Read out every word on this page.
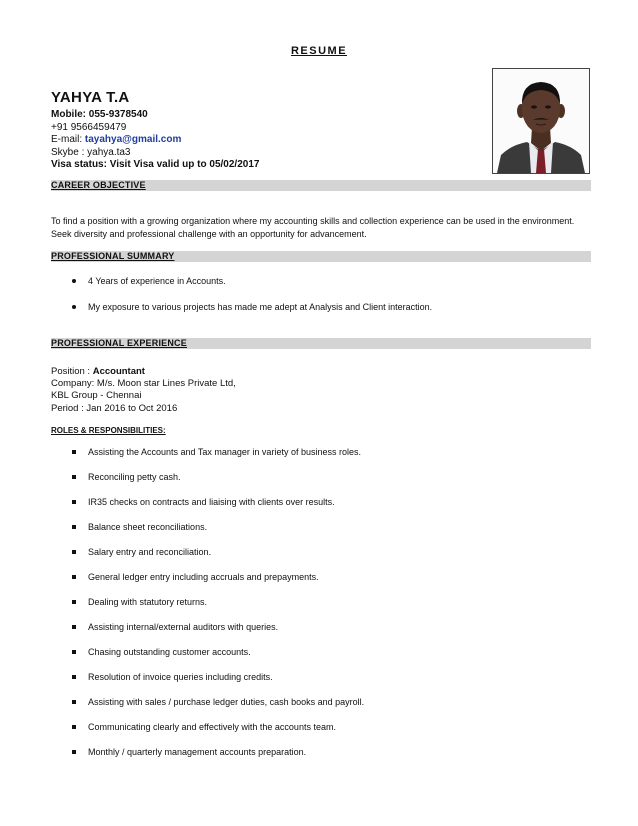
RESUME
YAHYA T.A
Mobile: 055-9378540
+91 9566459479
E-mail: tayahya@gmail.com
Skybe : yahya.ta3
Visa status: Visit Visa valid up to 05/02/2017
CAREER OBJECTIVE
To find a position with a growing organization where my accounting skills and collection experience can be used in the environment.
Seek diversity and professional challenge with an opportunity for advancement.
PROFESSIONAL SUMMARY
4 Years of experience in Accounts.
My exposure to various projects has made me adept at Analysis and Client interaction.
PROFESSIONAL EXPERIENCE
Position : Accountant
Company: M/s. Moon star Lines Private Ltd,
KBL Group - Chennai
Period : Jan 2016 to Oct 2016
ROLES & RESPONSIBILITIES:
Assisting the Accounts and Tax manager in variety of business roles.
Reconciling petty cash.
IR35 checks on contracts and liaising with clients over results.
Balance sheet reconciliations.
Salary entry and reconciliation.
General ledger entry including accruals and prepayments.
Dealing with statutory returns.
Assisting internal/external auditors with queries.
Chasing outstanding customer accounts.
Resolution of invoice queries including credits.
Assisting with sales / purchase ledger duties, cash books and payroll.
Communicating clearly and effectively with the accounts team.
Monthly / quarterly management accounts preparation.
